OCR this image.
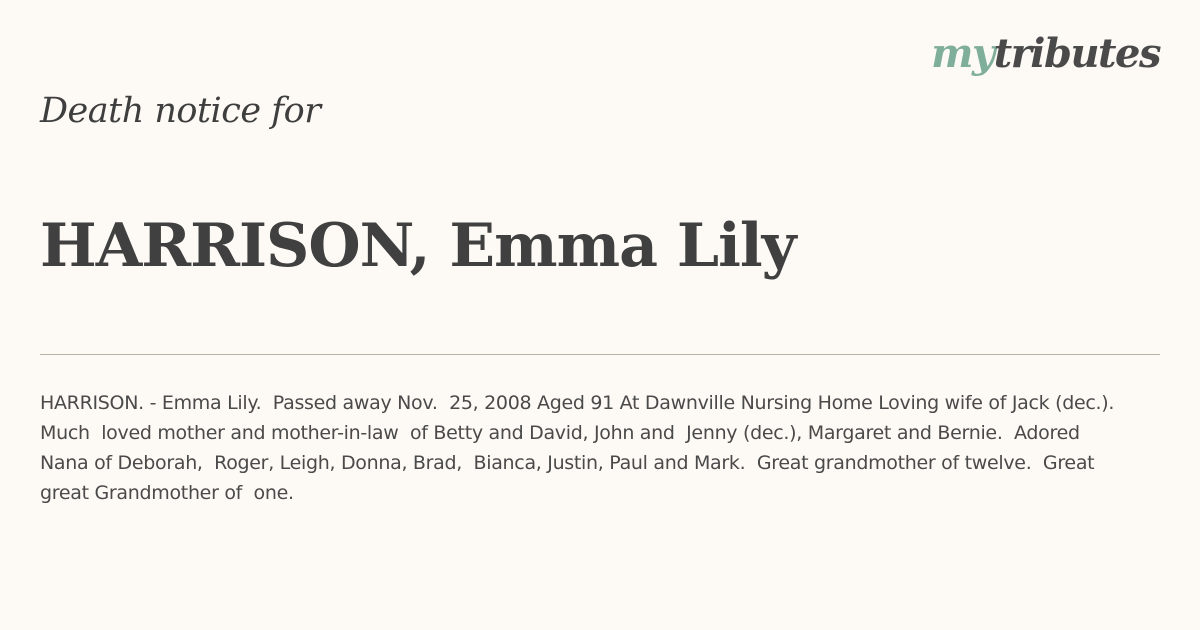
mytributes
Death notice for
HARRISON, Emma Lily

HARRISON. - Emma Lily.  Passed away Nov.  25, 2008 Aged 91 At Dawnville Nursing Home Loving wife of Jack (dec.). Much  loved mother and mother-in-law  of Betty and David, John and  Jenny (dec.), Margaret and Bernie.  Adored Nana of Deborah,  Roger, Leigh, Donna, Brad,  Bianca, Justin, Paul and Mark.  Great grandmother of twelve.  Great great Grandmother of  one.
